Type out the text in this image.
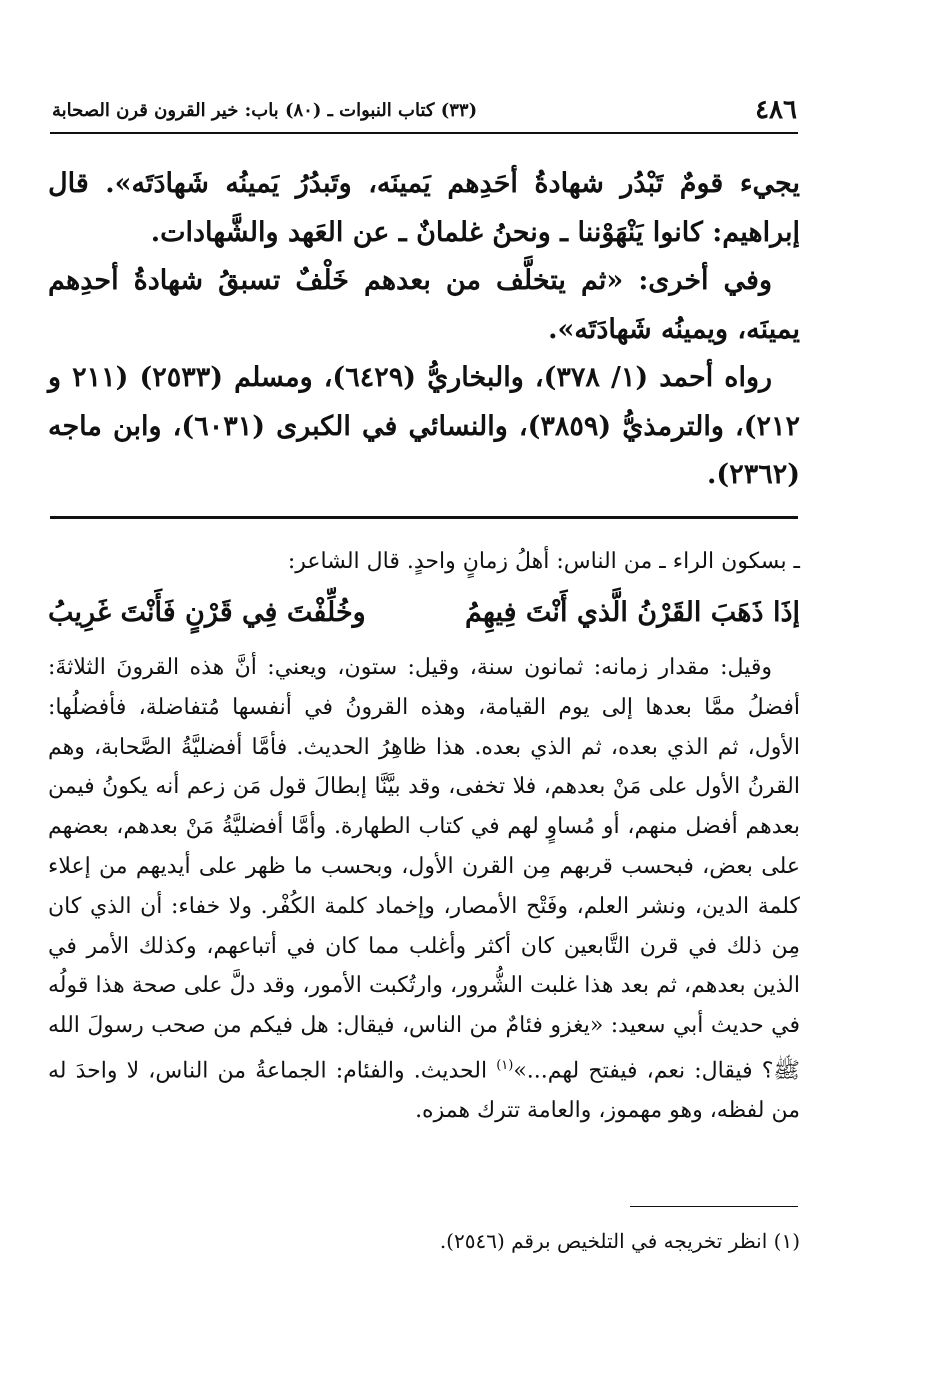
٤٨٦
(٣٣) كتاب النبوات ـ (٨٠) باب: خير القرون قرن الصحابة

يجيء قومٌ تَبْدُر شهادةُ أحَدِهم يَمينَه، وتَبدُرُ يَمينُه شَهادَتَه». قال إبراهيم: كانوا يَنْهَوْننا ـ ونحنُ غلمانٌ ـ عن العَهد والشَّهادات.

وفي أخرى: «ثم يتخلَّف من بعدهم خَلْفٌ تسبقُ شهادةُ أحدِهم يمينَه، ويمينُه شَهادَتَه».

رواه أحمد (١/ ٣٧٨)، والبخاريُّ (٦٤٢٩)، ومسلم (٢٥٣٣) (٢١١ و ٢١٢)، والترمذيُّ (٣٨٥٩)، والنسائي في الكبرى (٦٠٣١)، وابن ماجه (٢٣٦٢).

ـ بسكون الراء ـ من الناس: أهلُ زمانٍ واحدٍ. قال الشاعر:
إذَا ذَهَبَ القَرْنُ الَّذي أَنْتَ فِيهِمُ
وخُلِّفْتَ فِي قَرْنٍ فَأَنْتَ غَرِيبُ

وقيل: مقدار زمانه: ثمانون سنة، وقيل: ستون، ويعني: أنَّ هذه القرونَ الثلاثةَ: أفضلُ ممَّا بعدها إلى يوم القيامة، وهذه القرونُ في أنفسها مُتفاضلة، فأفضلُها: الأول، ثم الذي بعده، ثم الذي بعده. هذا ظاهِرُ الحديث. فأمَّا أفضليَّةُ الصَّحابة، وهم القرنُ الأول على مَنْ بعدهم، فلا تخفى، وقد بيَّنَّا إبطالَ قول مَن زعم أنه يكونُ فيمن بعدهم أفضل منهم، أو مُساوٍ لهم في كتاب الطهارة. وأمَّا أفضليَّةُ مَنْ بعدهم، بعضهم على بعض، فبحسب قربهم مِن القرن الأول، وبحسب ما ظهر على أيديهم من إعلاء كلمة الدين، ونشر العلم، وفَتْح الأمصار، وإخماد كلمة الكُفْر. ولا خفاء: أن الذي كان مِن ذلك في قرن التَّابعين كان أكثر وأغلب مما كان في أتباعهم، وكذلك الأمر في الذين بعدهم، ثم بعد هذا غلبت الشُّرور، وارتُكبت الأمور، وقد دلَّ على صحة هذا قولُه في حديث أبي سعيد: «يغزو فئامٌ من الناس، فيقال: هل فيكم من صحب رسولَ الله ﷺ؟ فيقال: نعم، فيفتح لهم...»$^{(١)}$ الحديث. والفئام: الجماعةُ من الناس، لا واحدَ له من لفظه، وهو مهموز، والعامة تترك همزه.

(١) انظر تخريجه في التلخيص برقم (٢٥٤٦).
